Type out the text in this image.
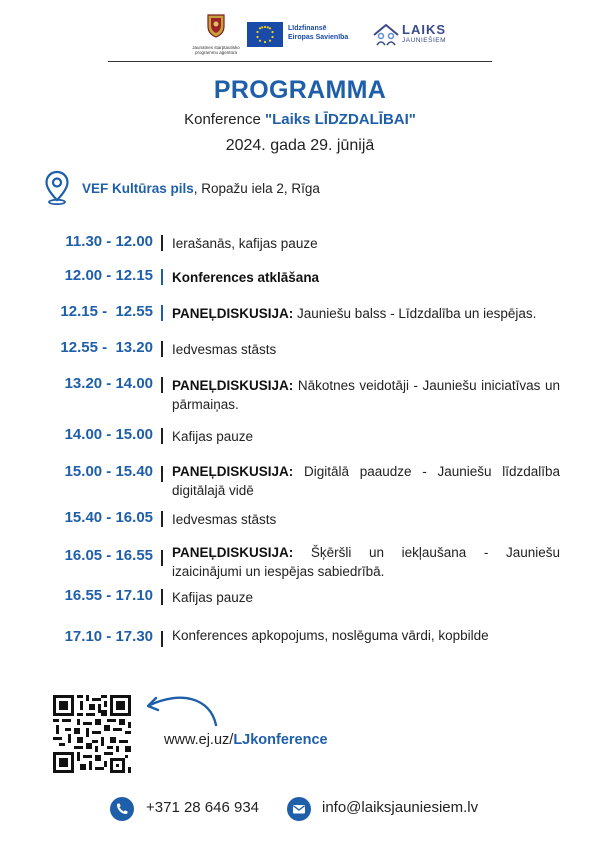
Jaunatnes starptautisko programmu aģentūra
Līdzfinansē
Eiropas Savienība
LAIKS
JAUNIEŠIEM
PROGRAMMA
Konference "Laiks LĪDZDALĪBAI"
2024. gada 29. jūnijā
VEF Kultūras pils, Ropažu iela 2, Rīga
11.30 - 12.00 Ierašanās, kafijas pauze
12.00 - 12.15 Konferences atklāšana
12.15 -  12.55 PANEĻDISKUSIJA: Jauniešu balss - Līdzdalība un iespējas.
12.55 -  13.20 Iedvesmas stāsts
13.20 - 14.00 PANEĻDISKUSIJA: Nākotnes veidotāji - Jauniešu iniciatīvas un pārmaiņas.
14.00 - 15.00 Kafijas pauze
15.00 - 15.40 PANEĻDISKUSIJA: Digitālā paaudze - Jauniešu līdzdalība digitālajā vidē
15.40 - 16.05 Iedvesmas stāsts
16.05 - 16.55 PANEĻDISKUSIJA: Šķēršli un iekļaušana - Jauniešu izaicinājumi un iespējas sabiedrībā.
16.55 - 17.10 Kafijas pauze
17.10 - 17.30 Konferences apkopojums, noslēguma vārdi, kopbilde
www.ej.uz/LJkonference
+371 28 646 934	info@laiksjauniesiem.lv
